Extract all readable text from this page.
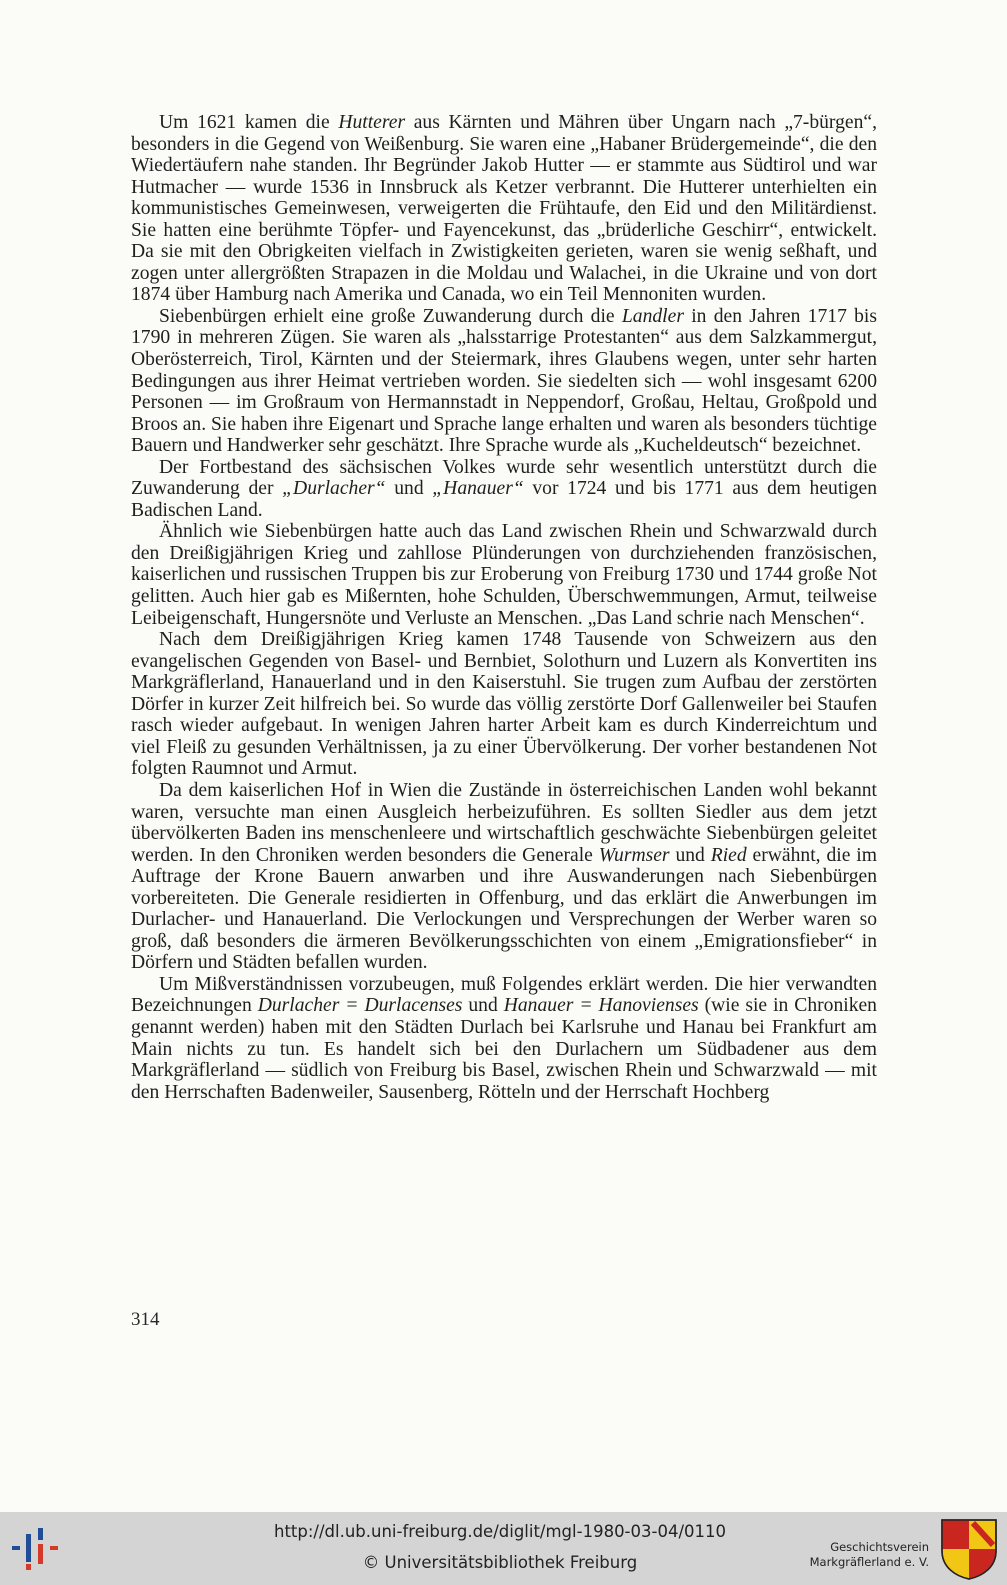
Um 1621 kamen die Hutterer aus Kärnten und Mähren über Ungarn nach „7-bürgen“, besonders in die Gegend von Weißenburg. Sie waren eine „Habaner Brüdergemeinde“, die den Wiedertäufern nahe standen. Ihr Begründer Jakob Hutter — er stammte aus Südtirol und war Hutmacher — wurde 1536 in Innsbruck als Ketzer verbrannt. Die Hutterer unterhielten ein kommunistisches Gemeinwesen, verweigerten die Frühtaufe, den Eid und den Militärdienst. Sie hatten eine berühmte Töpfer- und Fayencekunst, das „brüderliche Geschirr“, entwickelt. Da sie mit den Obrigkeiten vielfach in Zwistigkeiten gerieten, waren sie wenig seßhaft, und zogen unter allergrößten Strapazen in die Moldau und Walachei, in die Ukraine und von dort 1874 über Hamburg nach Amerika und Canada, wo ein Teil Mennoniten wurden.

Siebenbürgen erhielt eine große Zuwanderung durch die Landler in den Jahren 1717 bis 1790 in mehreren Zügen. Sie waren als „halsstarrige Protestanten“ aus dem Salzkammergut, Oberösterreich, Tirol, Kärnten und der Steiermark, ihres Glaubens wegen, unter sehr harten Bedingungen aus ihrer Heimat vertrieben worden. Sie siedelten sich — wohl insgesamt 6200 Personen — im Großraum von Hermannstadt in Neppendorf, Großau, Heltau, Großpold und Broos an. Sie haben ihre Eigenart und Sprache lange erhalten und waren als besonders tüchtige Bauern und Handwerker sehr geschätzt. Ihre Sprache wurde als „Kucheldeutsch“ bezeichnet.

Der Fortbestand des sächsischen Volkes wurde sehr wesentlich unterstützt durch die Zuwanderung der „Durlacher“ und „Hanauer“ vor 1724 und bis 1771 aus dem heutigen Badischen Land.

Ähnlich wie Siebenbürgen hatte auch das Land zwischen Rhein und Schwarzwald durch den Dreißigjährigen Krieg und zahllose Plünderungen von durchziehenden französischen, kaiserlichen und russischen Truppen bis zur Eroberung von Freiburg 1730 und 1744 große Not gelitten. Auch hier gab es Mißernten, hohe Schulden, Überschwemmungen, Armut, teilweise Leibeigenschaft, Hungersnöte und Verluste an Menschen. „Das Land schrie nach Menschen“.

Nach dem Dreißigjährigen Krieg kamen 1748 Tausende von Schweizern aus den evangelischen Gegenden von Basel- und Bernbiet, Solothurn und Luzern als Konvertiten ins Markgräflerland, Hanauerland und in den Kaiserstuhl. Sie trugen zum Aufbau der zerstörten Dörfer in kurzer Zeit hilfreich bei. So wurde das völlig zerstörte Dorf Gallenweiler bei Staufen rasch wieder aufgebaut. In wenigen Jahren harter Arbeit kam es durch Kinderreichtum und viel Fleiß zu gesunden Verhältnissen, ja zu einer Übervölkerung. Der vorher bestandenen Not folgten Raumnot und Armut.

Da dem kaiserlichen Hof in Wien die Zustände in österreichischen Landen wohl bekannt waren, versuchte man einen Ausgleich herbeizuführen. Es sollten Siedler aus dem jetzt übervölkerten Baden ins menschenleere und wirtschaftlich geschwächte Siebenbürgen geleitet werden. In den Chroniken werden besonders die Generale Wurmser und Ried erwähnt, die im Auftrage der Krone Bauern anwarben und ihre Auswanderungen nach Siebenbürgen vorbereiteten. Die Generale residierten in Offenburg, und das erklärt die Anwerbungen im Durlacher- und Hanauerland. Die Verlockungen und Versprechungen der Werber waren so groß, daß besonders die ärmeren Bevölkerungsschichten von einem „Emigrationsfieber“ in Dörfern und Städten befallen wurden.

Um Mißverständnissen vorzubeugen, muß Folgendes erklärt werden. Die hier verwandten Bezeichnungen Durlacher = Durlacenses und Hanauer = Hanovienses (wie sie in Chroniken genannt werden) haben mit den Städten Durlach bei Karlsruhe und Hanau bei Frankfurt am Main nichts zu tun. Es handelt sich bei den Durlachern um Südbadener aus dem Markgräflerland — südlich von Freiburg bis Basel, zwischen Rhein und Schwarzwald — mit den Herrschaften Badenweiler, Sausenberg, Rötteln und der Herrschaft Hochberg

314
http://dl.ub.uni-freiburg.de/diglit/mgl-1980-03-04/0110
© Universitätsbibliothek Freiburg
Geschichtsverein
Markgräflerland e. V.
